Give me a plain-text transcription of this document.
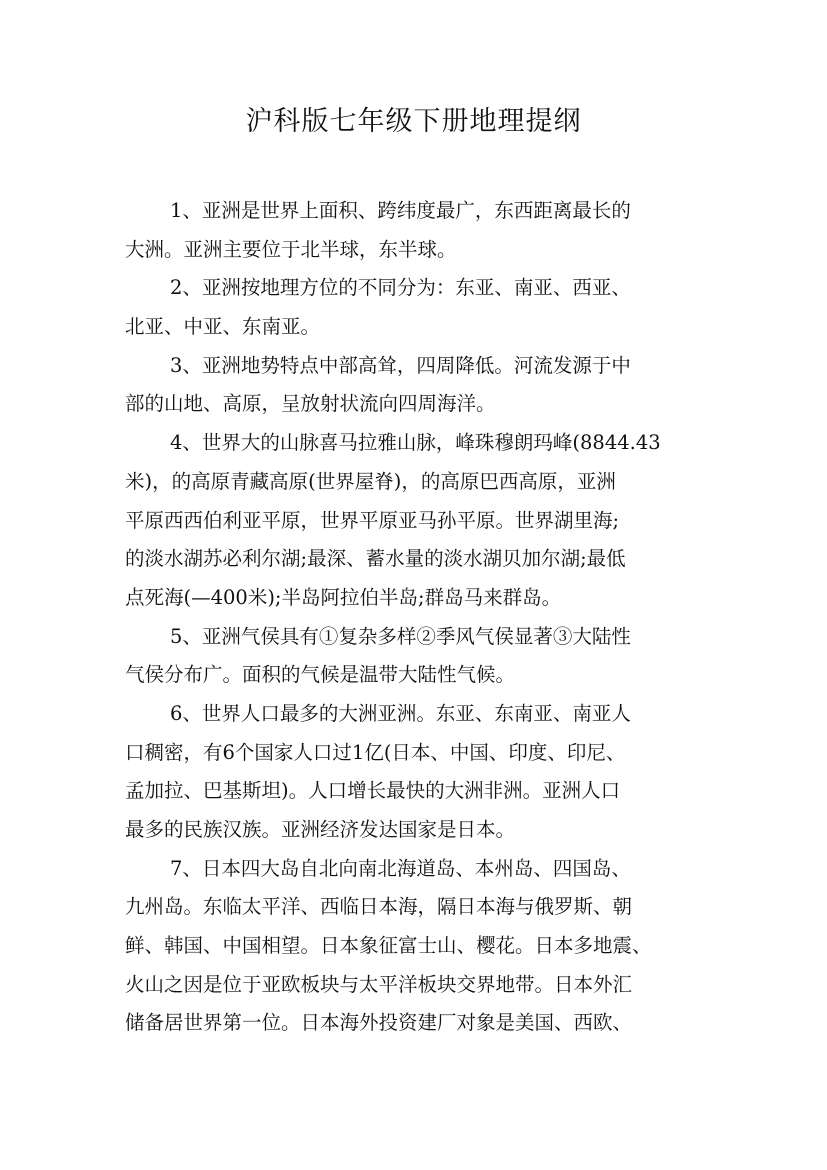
沪科版七年级下册地理提纲
1、亚洲是世界上面积、跨纬度最广，东西距离最长的
大洲。亚洲主要位于北半球，东半球。
2、亚洲按地理方位的不同分为：东亚、南亚、西亚、
北亚、中亚、东南亚。
3、亚洲地势特点中部高耸，四周降低。河流发源于中
部的山地、高原，呈放射状流向四周海洋。
4、世界大的山脉喜马拉雅山脉，峰珠穆朗玛峰(8844.43
米)，的高原青藏高原(世界屋脊)，的高原巴西高原，亚洲
平原西西伯利亚平原，世界平原亚马孙平原。世界湖里海;
的淡水湖苏必利尔湖;最深、蓄水量的淡水湖贝加尔湖;最低
点死海(—400米);半岛阿拉伯半岛;群岛马来群岛。
5、亚洲气侯具有①复杂多样②季风气侯显著③大陆性
气侯分布广。面积的气候是温带大陆性气候。
6、世界人口最多的大洲亚洲。东亚、东南亚、南亚人
口稠密，有6个国家人口过1亿(日本、中国、印度、印尼、
孟加拉、巴基斯坦)。人口增长最快的大洲非洲。亚洲人口
最多的民族汉族。亚洲经济发达国家是日本。
7、日本四大岛自北向南北海道岛、本州岛、四国岛、
九州岛。东临太平洋、西临日本海，隔日本海与俄罗斯、朝
鲜、韩国、中国相望。日本象征富士山、樱花。日本多地震、
火山之因是位于亚欧板块与太平洋板块交界地带。日本外汇
储备居世界第一位。日本海外投资建厂对象是美国、西欧、
